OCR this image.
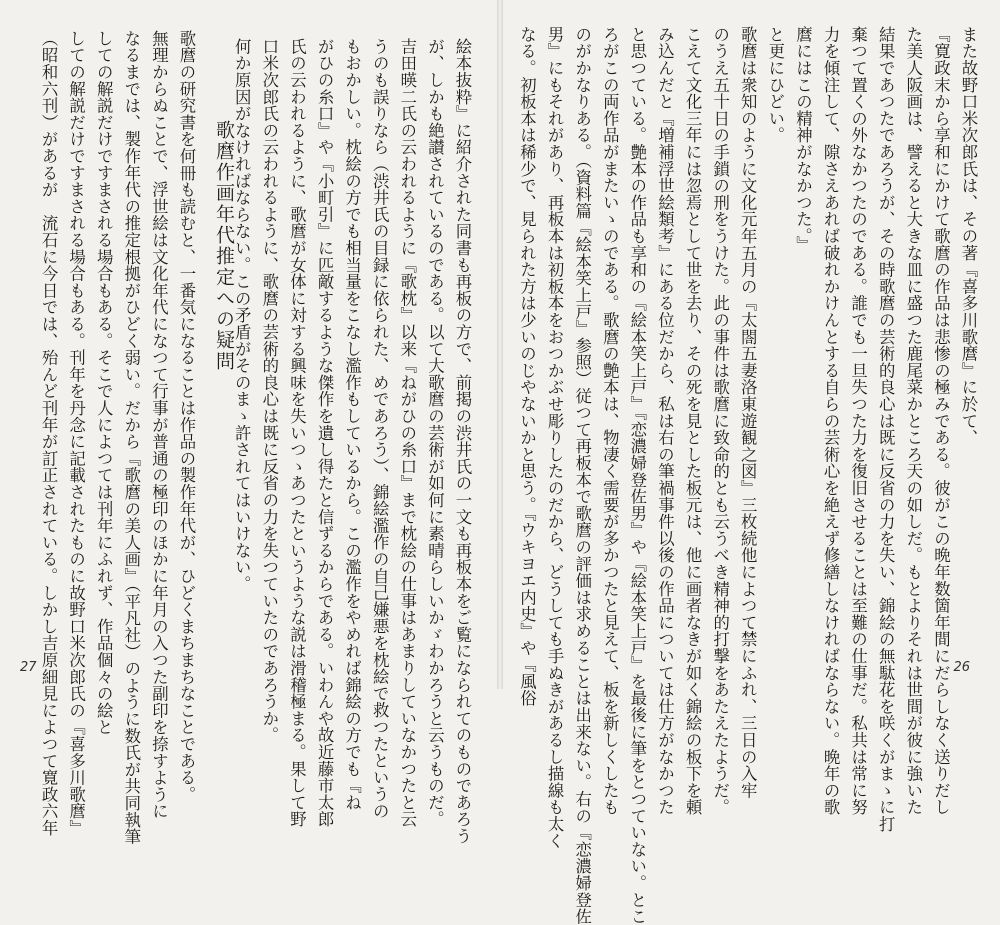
絵本抜粋』に紹介された同書も再板の方で、前掲の渋井氏の一文も再板本をご覧になられてのものであろう
が、しかも絶讃されているのである。以て大歌麿の芸術が如何に素晴らしいかゞわかろうと云うものだ。
吉田暎二氏の云われるように『歌枕』以来『ねがひの糸口』まで枕絵の仕事はあまりしていなかつたと云
うのも誤りなら（渋井氏の目録に依られた、めであろう）、錦絵濫作の自己嫌悪を枕絵で救つたというの
もおかしい。枕絵の方でも相当量をこなし濫作もしているから。この濫作をやめれば錦絵の方でも『ね
がひの糸口』や『小町引』に匹敵するような傑作を遺し得たと信ずるからである。いわんや故近藤市太郎
氏の云われるように、歌麿が女体に対する興味を失いつゝあつたというような説は滑稽極まる。果して野
口米次郎氏の云われるように、歌麿の芸術的良心は既に反省の力を失つていたのであろうか。
何か原因がなければならない。この矛盾がそのまゝ許されてはいけない。
歌麿作画年代推定への疑問
歌麿の研究書を何冊も読むと、一番気になることは作品の製作年代が、ひどくまちまちなことである。
無理からぬことで、浮世絵は文化年代になつて行事が普通の極印のほかに年月の入つた副印を捺すように
なるまでは、製作年代の推定根拠がひどく弱い。だから『歌麿の美人画』（平凡社）のように数氏が共同執筆
しての解説だけですまされる場合もある。そこで人によつては刊年にふれず、作品個々の絵と
しての解説だけですまされる場合もある。刊年を丹念に記載されたものに故野口米次郎氏の『喜多川歌麿』
（昭和六刊）があるが　流石に今日では、殆んど刊年が訂正されている。しかし吉原細見によつて寛政六年
27
また故野口米次郎氏は、その著『喜多川歌麿』に於て、
『寛政末から享和にかけて歌麿の作品は悲惨の極みである。彼がこの晩年数箇年間にだらしなく送りだし
た美人阪画は、譬えると大きな皿に盛つた鹿尾菜かところ天の如しだ。もとよりそれは世間が彼に強いた
結果であつたであろうが、その時歌麿の芸術的良心は既に反省の力を失い、錦絵の無駄花を咲くがまゝに打
棄つて置くの外なかつたのである。誰でも一旦失つた力を復旧させることは至難の仕事だ。私共は常に努
力を傾注して、隙さえあれば破れかけんとする自らの芸術心を絶えず修繕しなければならない。晩年の歌
麿にはこの精神がなかつた。』
と更にひどい。
歌麿は衆知のように文化元年五月の『太閤五妻洛東遊観之図』三枚続他によつて禁にふれ、三日の入牢
のうえ五十日の手鎖の刑をうけた。此の事件は歌麿に致命的とも云うべき精神的打撃をあたえたようだ。
こえて文化三年には忽焉として世を去り、その死を見とした板元は、他に画者なきが如く錦絵の板下を頼
み込んだと『増補浮世絵類考』にある位だから、私は右の筆禍事件以後の作品については仕方がなかつた
と思つている。艶本の作品も享和の『絵本笑上戸』『恋濃婦登佐男』や『絵本笑上戸』を最後に筆をとつていない。とこ
ろがこの両作品がまたいゝのである。歌麿の艶本は、物凄く需要が多かつたと見えて、板を新しくしたも
のがかなりある。（資料篇『絵本笑上戸』参照）従つて再板本で歌麿の評価は求めることは出来ない。右の『恋濃婦登佐
男』にもそれがあり、再板本は初板本をおつかぶせ彫りしたのだから、どうしても手ぬきがあるし描線も太く
なる。初板本は稀少で、見られた方は少いのじやないかと思う。『ウキヨエ内史』や『風俗	26
